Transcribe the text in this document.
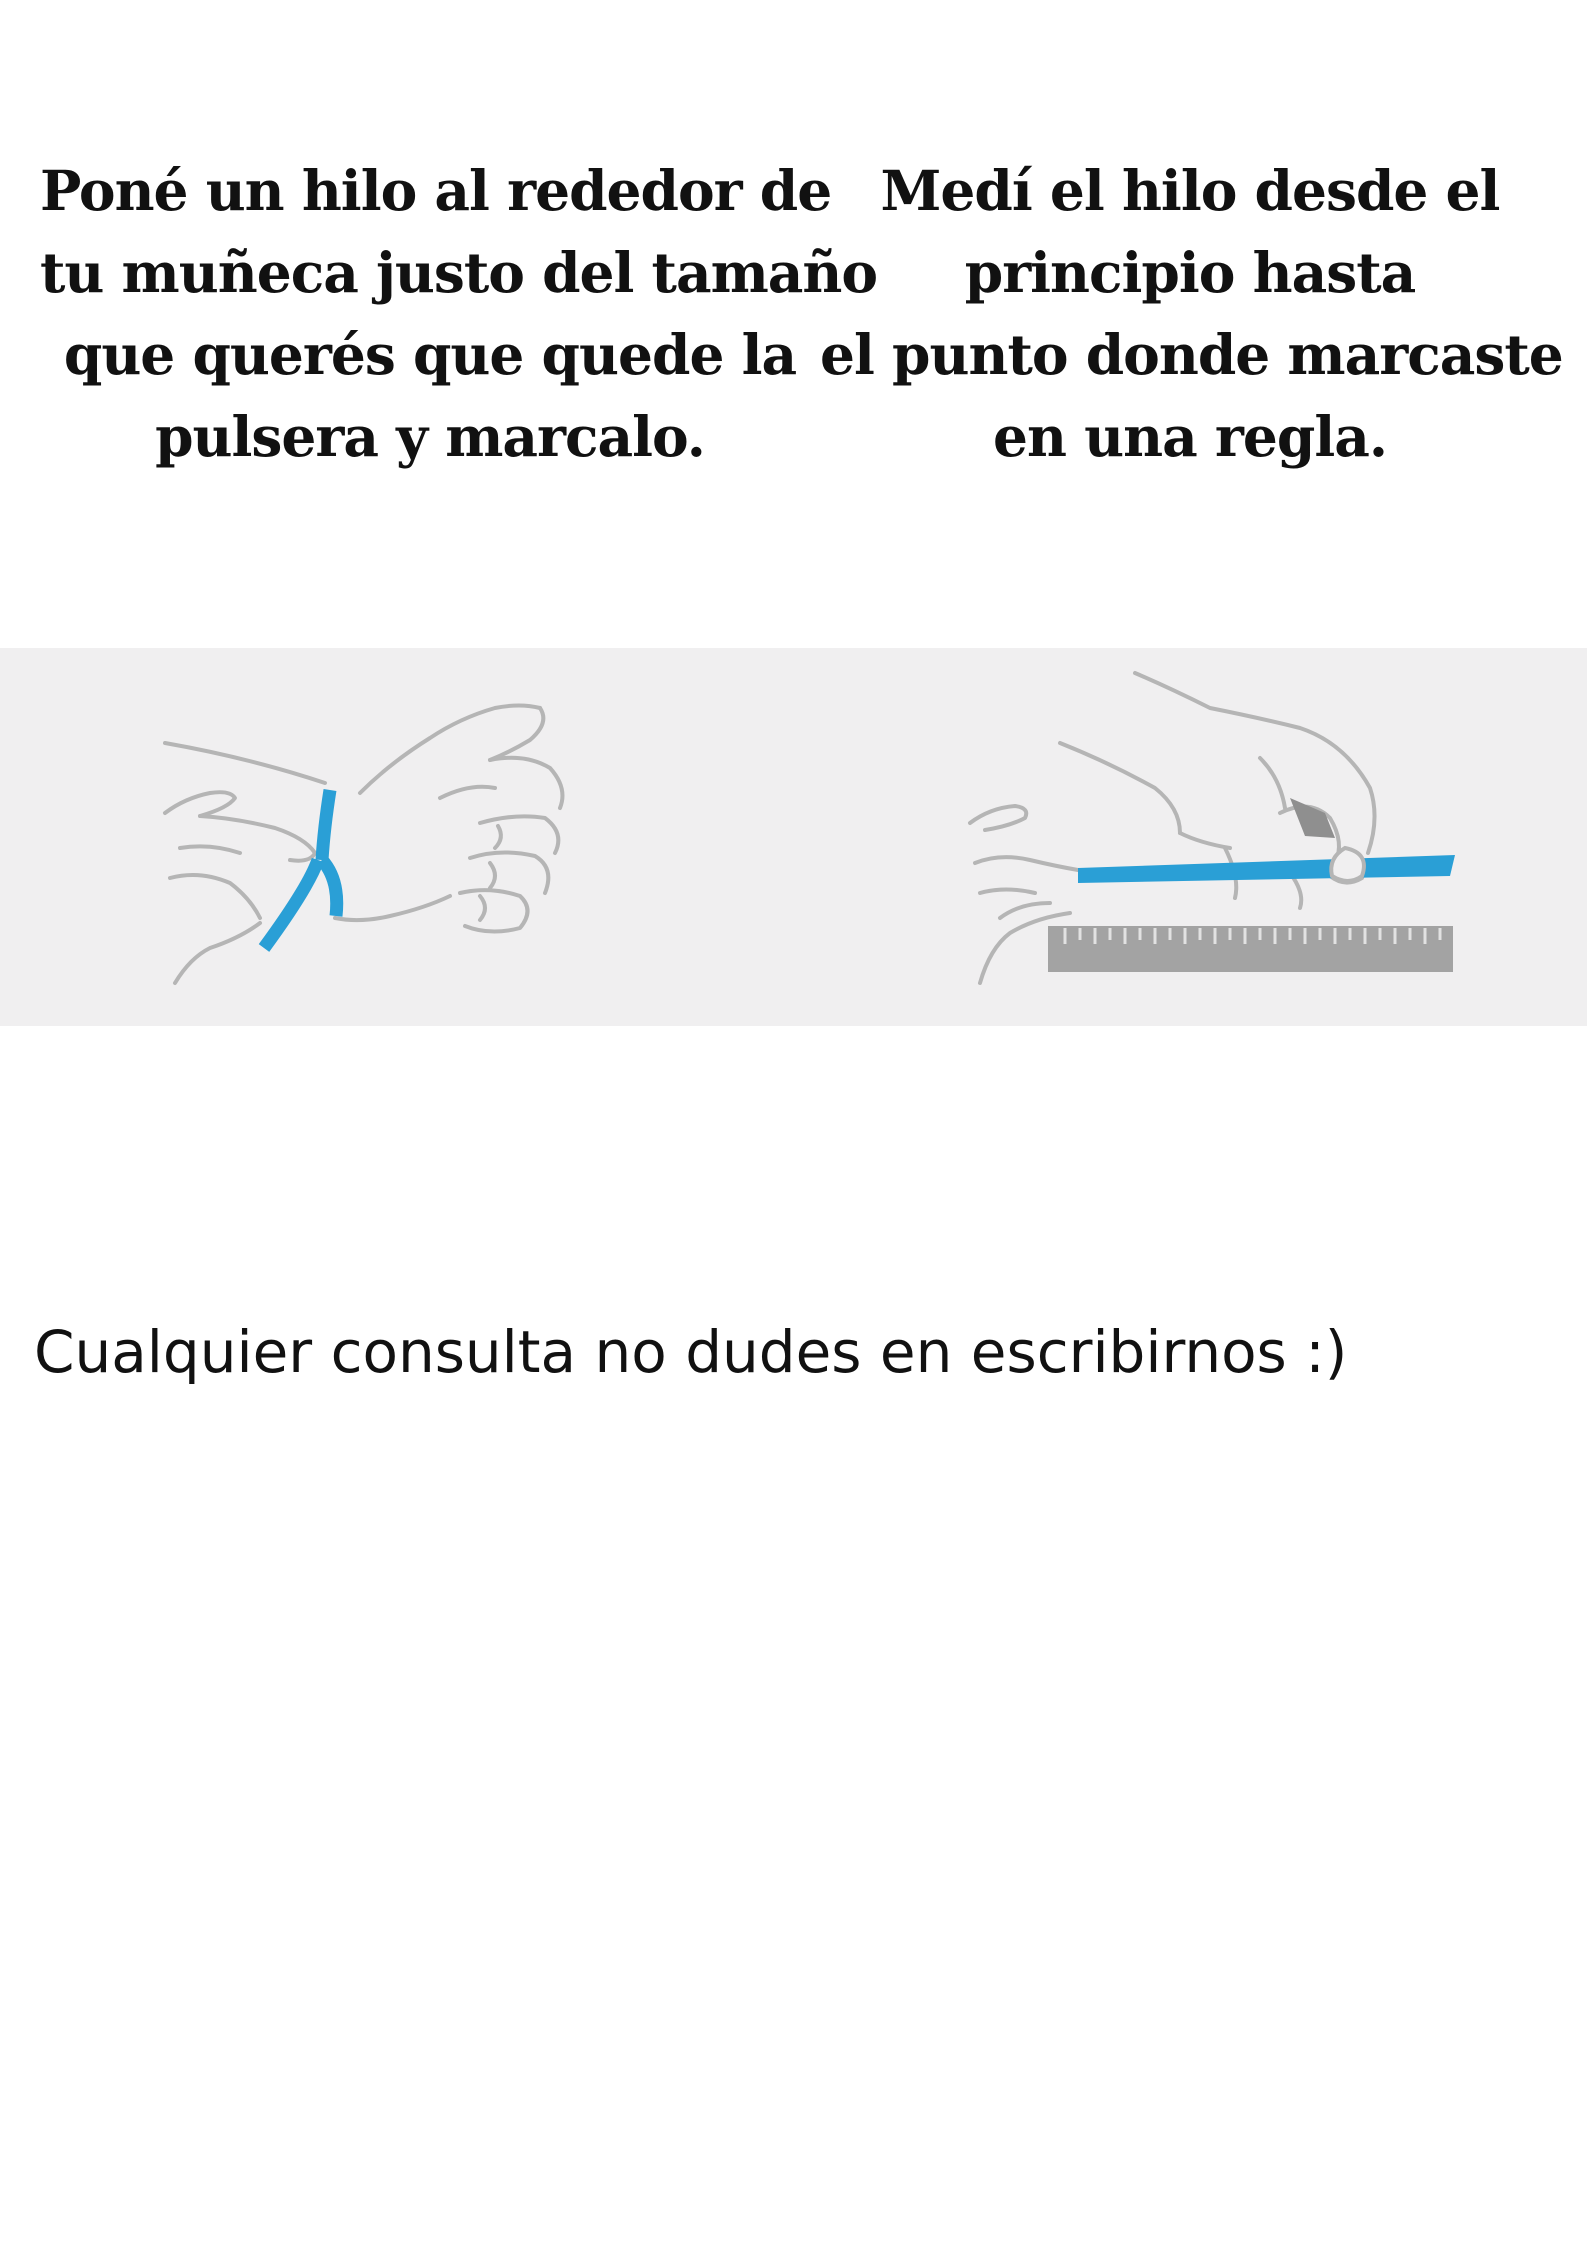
Poné un hilo al rededor de
tu muñeca justo del tamaño
que querés que quede la
pulsera y marcalo.
Medí el hilo desde el
principio hasta
el punto donde marcaste
en una regla.
Cualquier consulta no dudes en escribirnos :)
